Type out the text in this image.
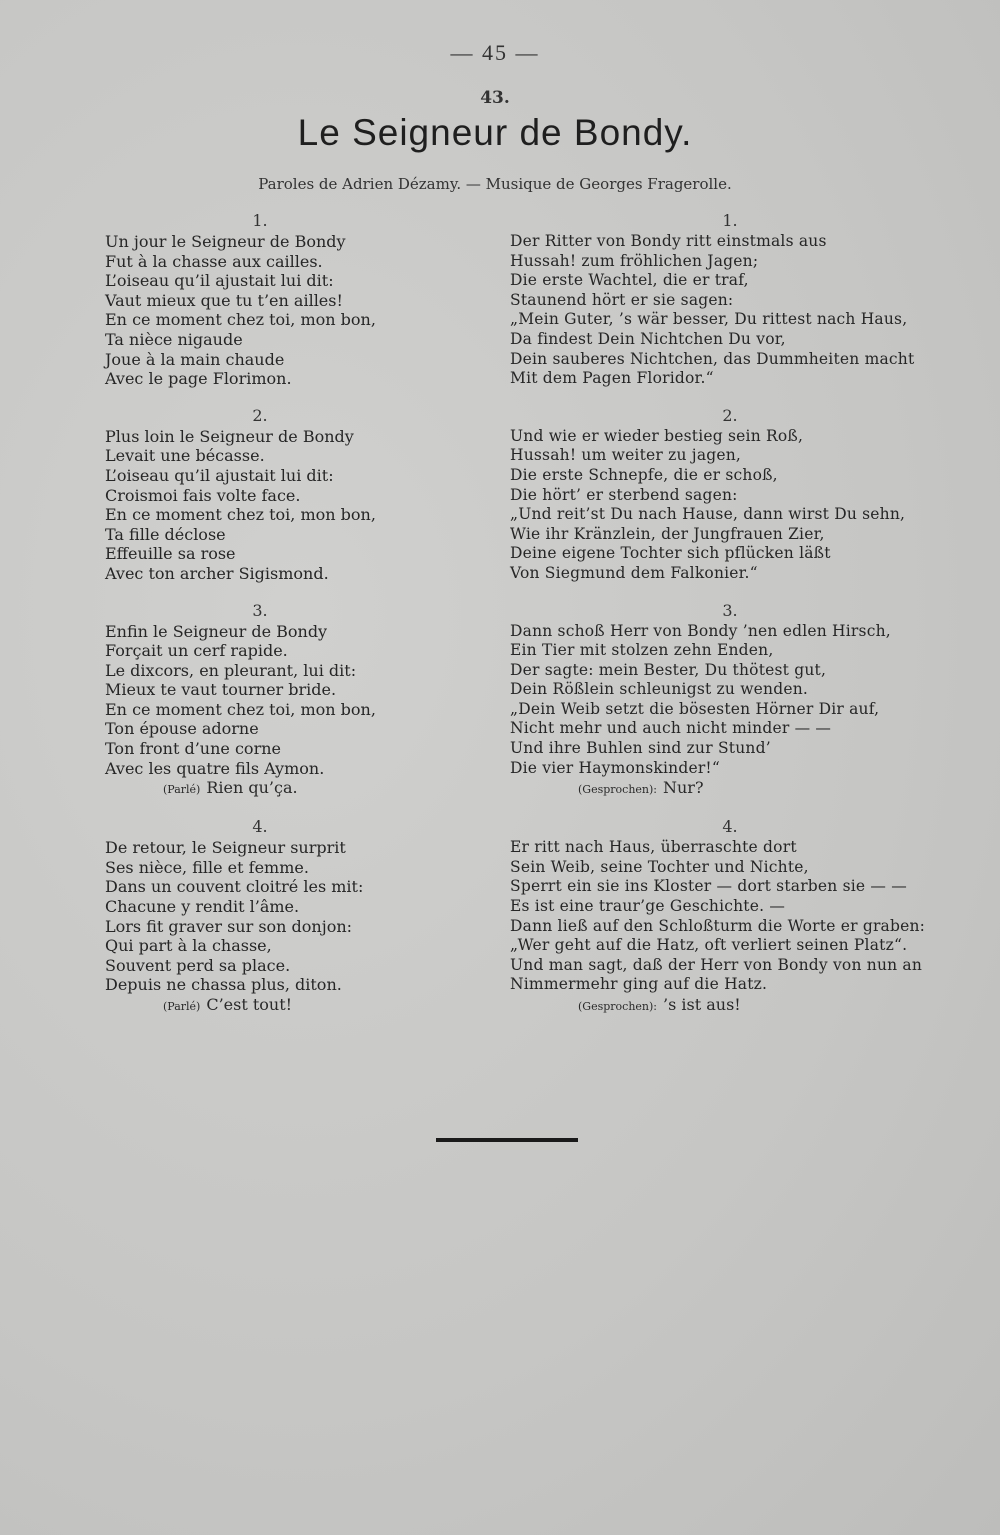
— 45 —
43.
Le Seigneur de Bondy.
Paroles de Adrien Dézamy. — Musique de Georges Fragerolle.
1.
Un jour le Seigneur de Bondy
Fut à la chasse aux cailles.
L’oiseau qu’il ajustait lui dit:
Vaut mieux que tu t’en ailles!
En ce moment chez toi, mon bon,
Ta nièce nigaude
Joue à la main chaude
Avec le page Florimon.
2.
Plus loin le Seigneur de Bondy
Levait une bécasse.
L’oiseau qu’il ajustait lui dit:
Croismoi fais volte face.
En ce moment chez toi, mon bon,
Ta fille déclose
Effeuille sa rose
Avec ton archer Sigismond.
3.
Enfin le Seigneur de Bondy
Forçait un cerf rapide.
Le dixcors, en pleurant, lui dit:
Mieux te vaut tourner bride.
En ce moment chez toi, mon bon,
Ton épouse adorne
Ton front d’une corne
Avec les quatre fils Aymon.
(Parlé) Rien qu’ça.
4.
De retour, le Seigneur surprit
Ses nièce, fille et femme.
Dans un couvent cloitré les mit:
Chacune y rendit l’âme.
Lors fit graver sur son donjon:
Qui part à la chasse,
Souvent perd sa place.
Depuis ne chassa plus, diton.
(Parlé) C’est tout!
1.
Der Ritter von Bondy ritt einstmals aus
Hussah! zum fröhlichen Jagen;
Die erste Wachtel, die er traf,
Staunend hört er sie sagen:
„Mein Guter, ’s wär besser, Du rittest nach Haus,
Da findest Dein Nichtchen Du vor,
Dein sauberes Nichtchen, das Dummheiten macht
Mit dem Pagen Floridor.“
2.
Und wie er wieder bestieg sein Roß,
Hussah! um weiter zu jagen,
Die erste Schnepfe, die er schoß,
Die hört’ er sterbend sagen:
„Und reit’st Du nach Hause, dann wirst Du sehn,
Wie ihr Kränzlein, der Jungfrauen Zier,
Deine eigene Tochter sich pflücken läßt
Von Siegmund dem Falkonier.“
3.
Dann schoß Herr von Bondy ’nen edlen Hirsch,
Ein Tier mit stolzen zehn Enden,
Der sagte: mein Bester, Du thötest gut,
Dein Rößlein schleunigst zu wenden.
„Dein Weib setzt die bösesten Hörner Dir auf,
Nicht mehr und auch nicht minder — —
Und ihre Buhlen sind zur Stund’
Die vier Haymonskinder!“
(Gesprochen): Nur?
4.
Er ritt nach Haus, überraschte dort
Sein Weib, seine Tochter und Nichte,
Sperrt ein sie ins Kloster — dort starben sie — —
Es ist eine traur’ge Geschichte. —
Dann ließ auf den Schloßturm die Worte er graben:
„Wer geht auf die Hatz, oft verliert seinen Platz“.
Und man sagt, daß der Herr von Bondy von nun an
Nimmermehr ging auf die Hatz.
(Gesprochen): ’s ist aus!
